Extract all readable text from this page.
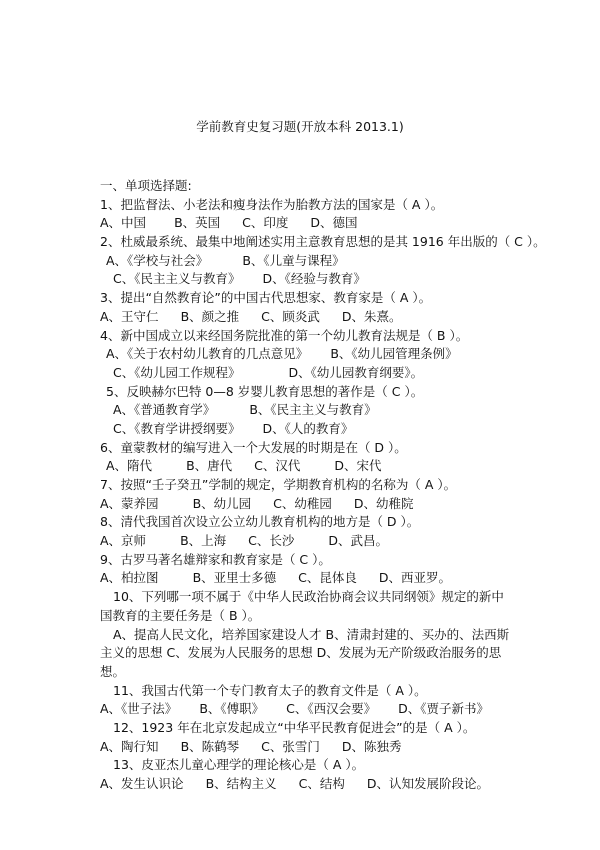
学前教育史复习题(开放本科 2013.1)
一、单项选择题:
1、把监督法、小老法和瘦身法作为胎教方法的国家是（ A ）。
A、中国 B、英国 C、印度 D、德国
2、杜威最系统、最集中地阐述实用主意教育思想的是其 1916 年出版的（ C ）。
A、《学校与社会》	B、《儿童与课程》
C、《民主主义与教育》 D、《经验与教育》
3、提出“自然教育论”的中国古代思想家、教育家是（ A ）。
A、王守仁 B、颜之推 C、顾炎武 D、朱熹。
4、新中国成立以来经国务院批准的第一个幼儿教育法规是（ B ）。
A、《关于农村幼儿教育的几点意见》 B、《幼儿园管理条例》
C、《幼儿园工作规程》	D、《幼儿园教育纲要》。
5、反映赫尔巴特 0—8 岁婴儿教育思想的著作是（ C ）。
A、《普通教育学》	B、《民主主义与教育》
C、《教育学讲授纲要》 D、《人的教育》
6、童蒙教材的编写进入一个大发展的时期是在（ D ）。
A、隋代	B、唐代 C、汉代	D、宋代
7、按照“壬子癸丑”学制的规定，学期教育机构的名称为（ A ）。
A、蒙养园	B、幼儿园 C、幼稚园 D、幼稚院
8、清代我国首次设立公立幼儿教育机构的地方是（ D ）。
A、京师	B、上海 C、长沙	D、武昌。
9、古罗马著名雄辩家和教育家是（ C ）。
A、柏拉图	B、亚里士多德 C、昆体良 D、西亚罗。
10、下列哪一项不属于《中华人民政治协商会议共同纲领》规定的新中国教育的主要任务是（ B ）。
A、提高人民文化，培养国家建设人才 B、清肃封建的、买办的、法西斯主义的思想 C、发展为人民服务的思想 D、发展为无产阶级政治服务的思想。
11、我国古代第一个专门教育太子的教育文件是（ A ）。
A、《世子法》 B、《傅职》 C、《西汉会要》 D、《贾子新书》
12、1923 年在北京发起成立“中华平民教育促进会”的是（ A ）。
A、陶行知 B、陈鹤琴 C、张雪门 D、陈独秀
13、皮亚杰儿童心理学的理论核心是（ A ）。
A、发生认识论 B、结构主义 C、结构 D、认知发展阶段论。
